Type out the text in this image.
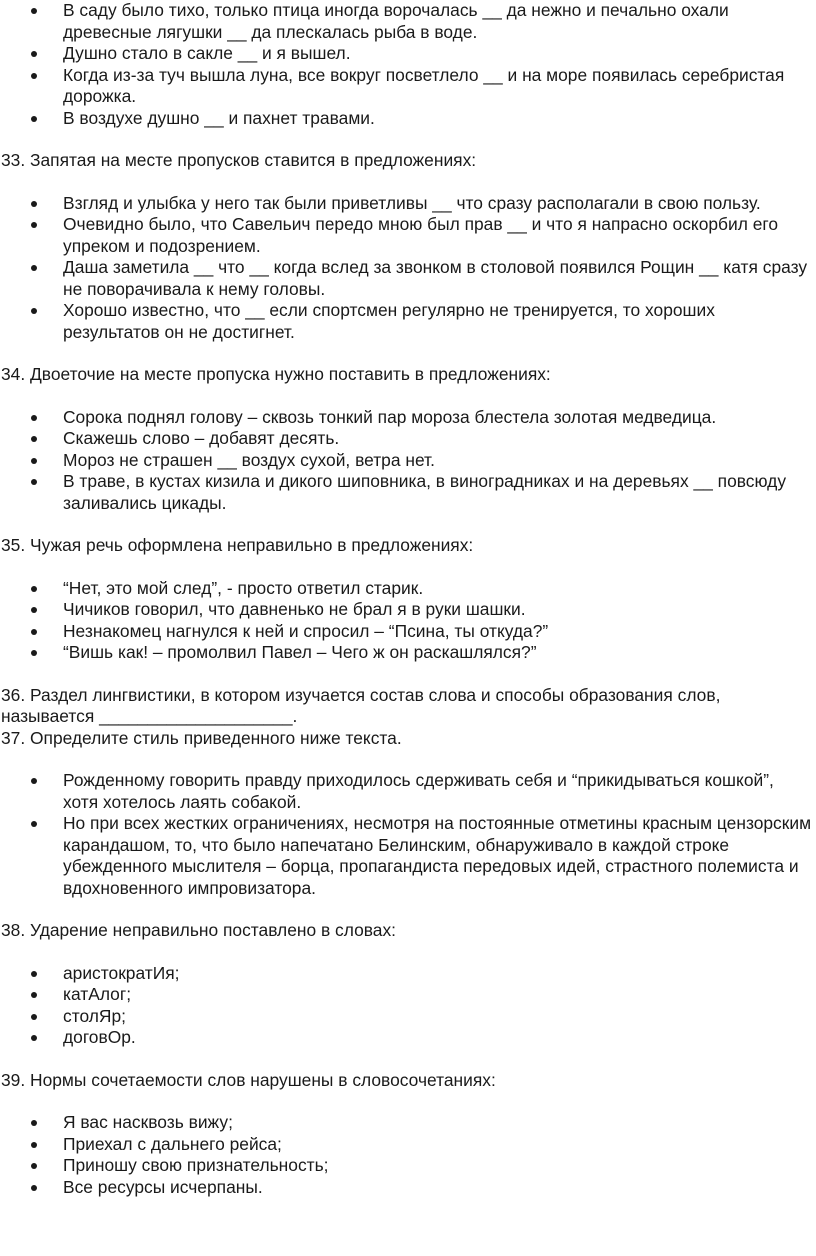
В саду было тихо, только птица иногда ворочалась __ да нежно и печально охали древесные лягушки __ да плескалась рыба в воде.
Душно стало в сакле __ и я вышел.
Когда из-за туч вышла луна, все вокруг посветлело __ и на море появилась серебристая дорожка.
В воздухе душно __ и пахнет травами.

33. Запятая на месте пропусков ставится в предложениях:

Взгляд и улыбка у него так были приветливы __ что сразу располагали в свою пользу.
Очевидно было, что Савельич передо мною был прав __ и что я напрасно оскорбил его упреком и подозрением.
Даша заметила __ что __ когда вслед за звонком в столовой появился Рощин __ катя сразу не поворачивала к нему головы.
Хорошо известно, что __ если спортсмен регулярно не тренируется, то хороших результатов он не достигнет.

34. Двоеточие на месте пропуска нужно поставить в предложениях:

Сорока поднял голову – сквозь тонкий пар мороза блестела золотая медведица.
Скажешь слово – добавят десять.
Мороз не страшен __ воздух сухой, ветра нет.
В траве, в кустах кизила и дикого шиповника, в виноградниках и на деревьях __ повсюду заливались цикады.

35. Чужая речь оформлена неправильно в предложениях:

“Нет, это мой след”, - просто ответил старик.
Чичиков говорил, что давненько не брал я в руки шашки.
Незнакомец нагнулся к ней и спросил – “Псина, ты откуда?”
“Вишь как! – промолвил Павел – Чего ж он раскашлялся?”

36. Раздел лингвистики, в котором изучается состав слова и способы образования слов, называется ____________________.

37. Определите стиль приведенного ниже текста.

Рожденному говорить правду приходилось сдерживать себя и “прикидываться кошкой”, хотя хотелось лаять собакой.
Но при всех жестких ограничениях, несмотря на постоянные отметины красным цензорским карандашом, то, что было напечатано Белинским, обнаруживало в каждой строке убежденного мыслителя – борца, пропагандиста передовых идей, страстного полемиста и вдохновенного импровизатора.

38. Ударение неправильно поставлено в словах:

аристократИя;
катАлог;
столЯр;
договОр.

39. Нормы сочетаемости слов нарушены в словосочетаниях:

Я вас насквозь вижу;
Приехал с дальнего рейса;
Приношу свою признательность;
Все ресурсы исчерпаны.
